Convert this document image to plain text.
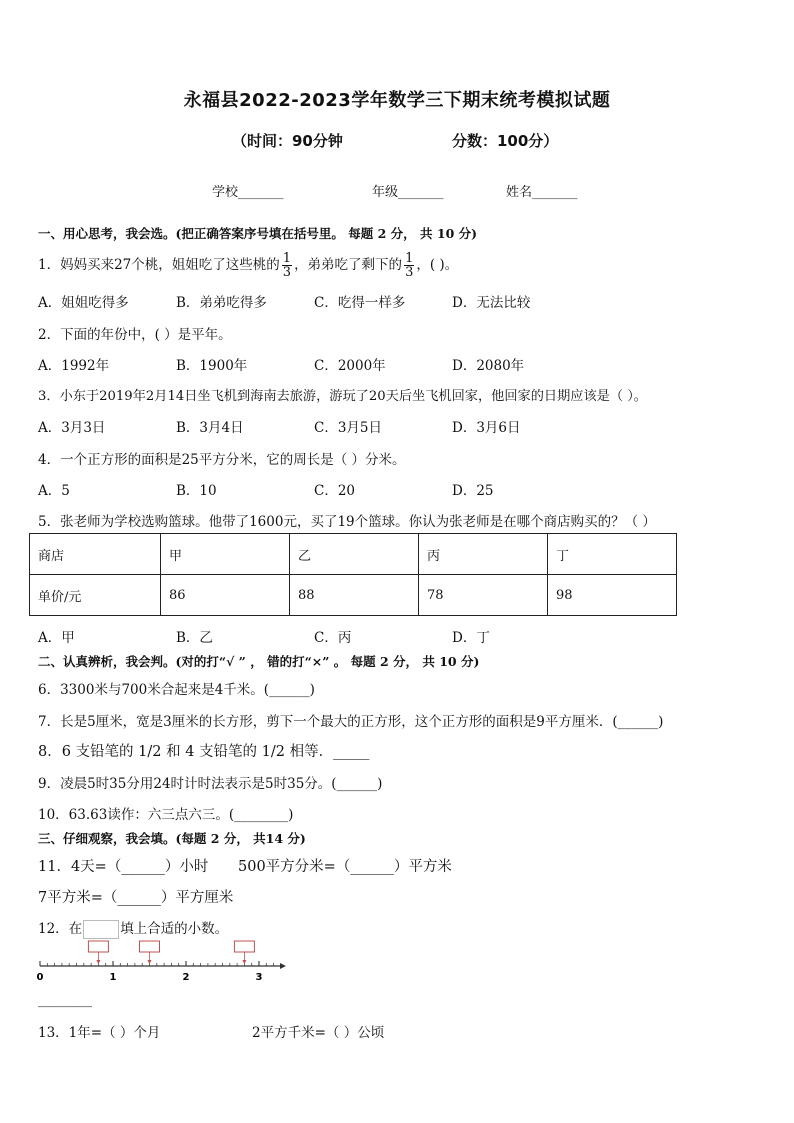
永福县2022-2023学年数学三下期末统考模拟试题
（时间：90分钟	分数：100分）
学校_______	年级_______	姓名_______
一、用心思考，我会选。(把正确答案序号填在括号里。 每题 2 分， 共 10 分)
1．妈妈买来27个桃，姐姐吃了这些桃的 $\frac{1}{3}$ ，弟弟吃了剩下的 $\frac{1}{3}$ ，( )。
A．姐姐吃得多	B．弟弟吃得多	C．吃得一样多	D．无法比较
2．下面的年份中，( ）是平年。
A．1992年	B．1900年	C．2000年	D．2080年
3．小东于2019年2月14日坐飞机到海南去旅游，游玩了20天后坐飞机回家，他回家的日期应该是（ ）。
A．3月3日	B．3月4日	C．3月5日	D．3月6日
4．一个正方形的面积是25平方分米，它的周长是（ ）分米。
A．5	B．10	C．20	D．25
5．张老师为学校选购篮球。他带了1600元，买了19个篮球。你认为张老师是在哪个商店购买的？（ ）
商店	甲	乙	丙	丁
单价/元	86	88	78	98
A．甲	B．乙	C．丙	D．丁
二、认真辨析，我会判。(对的打“√ ” ， 错的打“×” 。 每题 2 分， 共 10 分)
6．3300米与700米合起来是4千米。(______)
7．长是5厘米，宽是3厘米的长方形，剪下一个最大的正方形，这个正方形的面积是9平方厘米．(______)
8．6 支铅笔的 1/2 和 4 支铅笔的 1/2 相等．_____
9．凌晨5时35分用24时计时法表示是5时35分。(______)
10．63.63读作：六三点六三。(________)
三、仔细观察，我会填。(每题 2 分， 共14 分)
11．4天=（______）小时 500平方分米=（______）平方米
7平方米=（______）平方厘米
12．在	填上合适的小数。
0	1	2	3
________
13．1年=（ ）个月	2平方千米=（ ）公顷
